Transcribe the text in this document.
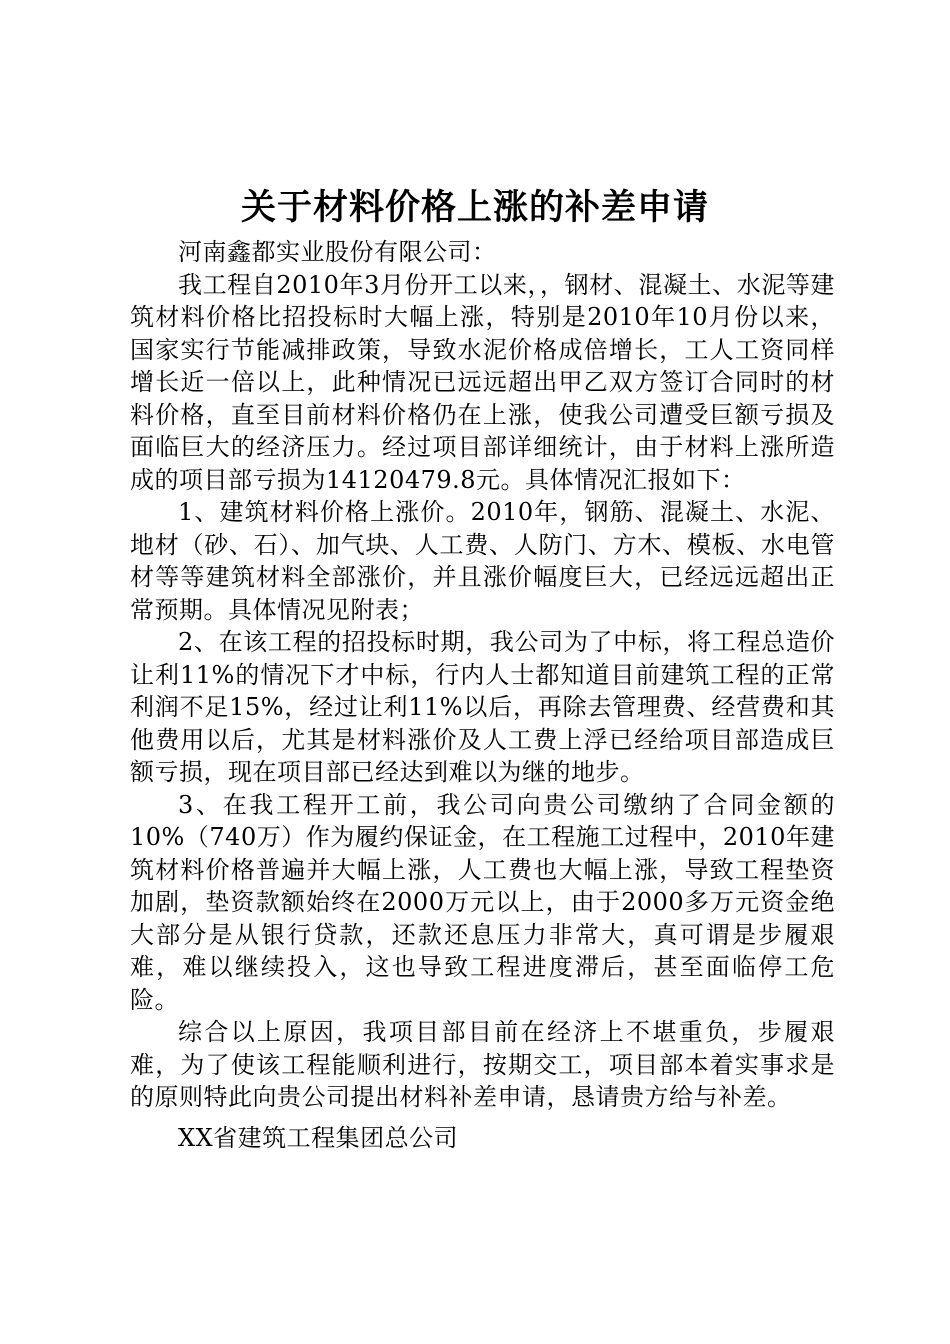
关于材料价格上涨的补差申请

河南鑫都实业股份有限公司：

我工程自2010年3月份开工以来，，钢材、混凝土、水泥等建筑材料价格比招投标时大幅上涨，特别是2010年10月份以来，国家实行节能减排政策，导致水泥价格成倍增长，工人工资同样增长近一倍以上，此种情况已远远超出甲乙双方签订合同时的材料价格，直至目前材料价格仍在上涨，使我公司遭受巨额亏损及面临巨大的经济压力。经过项目部详细统计，由于材料上涨所造成的项目部亏损为14120479.8元。具体情况汇报如下：

1、建筑材料价格上涨价。2010年，钢筋、混凝土、水泥、地材（砂、石）、加气块、人工费、人防门、方木、模板、水电管材等等建筑材料全部涨价，并且涨价幅度巨大，已经远远超出正常预期。具体情况见附表；

2、在该工程的招投标时期，我公司为了中标，将工程总造价让利11%的情况下才中标，行内人士都知道目前建筑工程的正常利润不足15%，经过让利11%以后，再除去管理费、经营费和其他费用以后，尤其是材料涨价及人工费上浮已经给项目部造成巨额亏损，现在项目部已经达到难以为继的地步。

3、在我工程开工前，我公司向贵公司缴纳了合同金额的10%（740万）作为履约保证金，在工程施工过程中，2010年建筑材料价格普遍并大幅上涨，人工费也大幅上涨，导致工程垫资加剧，垫资款额始终在2000万元以上，由于2000多万元资金绝大部分是从银行贷款，还款还息压力非常大，真可谓是步履艰难，难以继续投入，这也导致工程进度滞后，甚至面临停工危险。

综合以上原因，我项目部目前在经济上不堪重负，步履艰难，为了使该工程能顺利进行，按期交工，项目部本着实事求是的原则特此向贵公司提出材料补差申请，恳请贵方给与补差。

XX省建筑工程集团总公司
